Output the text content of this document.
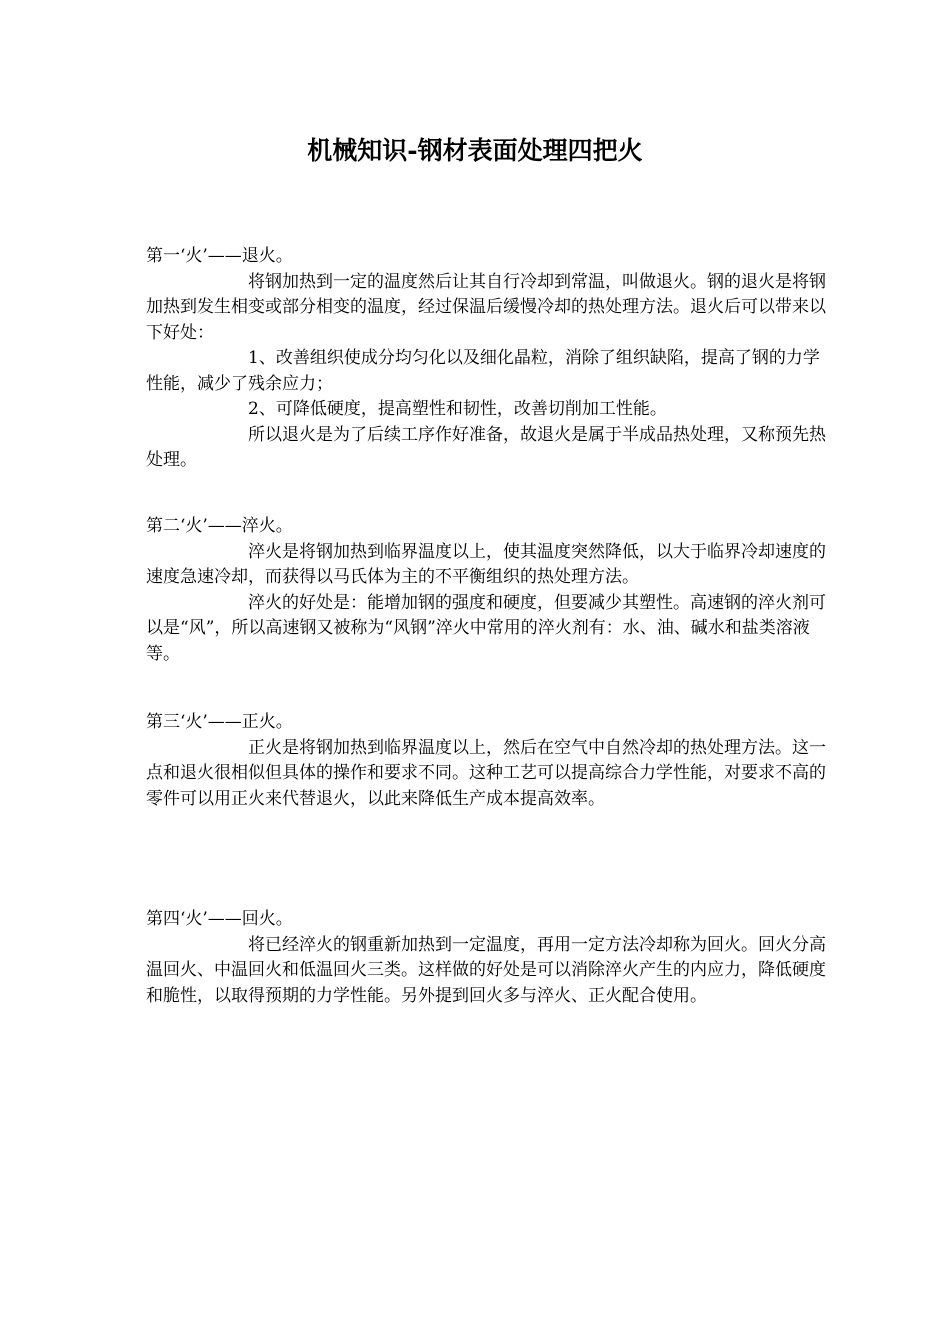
机械知识-钢材表面处理四把火

第一‘火’——退火。

将钢加热到一定的温度然后让其自行冷却到常温，叫做退火。钢的退火是将钢加热到发生相变或部分相变的温度，经过保温后缓慢冷却的热处理方法。退火后可以带来以下好处：

1、改善组织使成分均匀化以及细化晶粒，消除了组织缺陷，提高了钢的力学性能，减少了残余应力；

2、可降低硬度，提高塑性和韧性，改善切削加工性能。

所以退火是为了后续工序作好准备，故退火是属于半成品热处理，又称预先热处理。

第二‘火’——淬火。

淬火是将钢加热到临界温度以上，使其温度突然降低，以大于临界冷却速度的速度急速冷却，而获得以马氏体为主的不平衡组织的热处理方法。

淬火的好处是：能增加钢的强度和硬度，但要减少其塑性。高速钢的淬火剂可以是“风”，所以高速钢又被称为“风钢”淬火中常用的淬火剂有：水、油、碱水和盐类溶液等。

第三‘火’——正火。

正火是将钢加热到临界温度以上，然后在空气中自然冷却的热处理方法。这一点和退火很相似但具体的操作和要求不同。这种工艺可以提高综合力学性能，对要求不高的零件可以用正火来代替退火，以此来降低生产成本提高效率。

第四‘火’——回火。

将已经淬火的钢重新加热到一定温度，再用一定方法冷却称为回火。回火分高温回火、中温回火和低温回火三类。这样做的好处是可以消除淬火产生的内应力，降低硬度和脆性，以取得预期的力学性能。另外提到回火多与淬火、正火配合使用。
